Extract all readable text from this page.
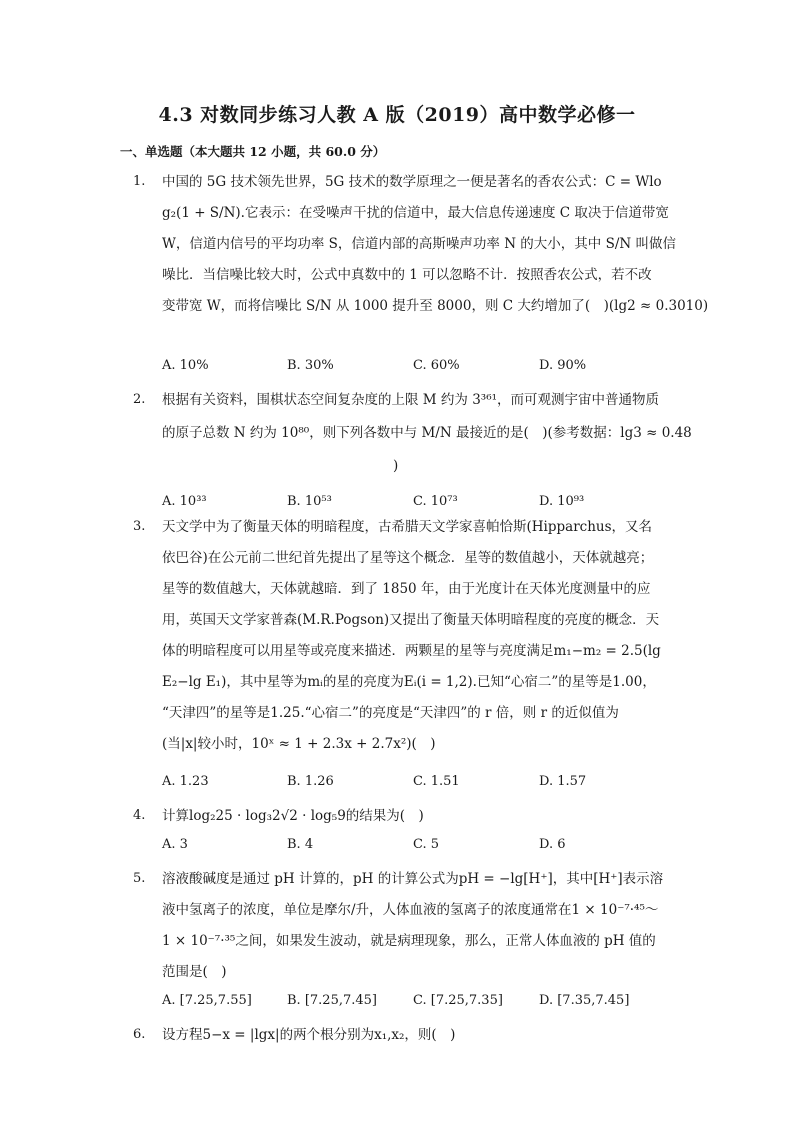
4.3 对数同步练习人教 A 版（2019）高中数学必修一
一、单选题（本大题共 12 小题，共 60.0 分）
1. 中国的 5G 技术领先世界，5G 技术的数学原理之一便是著名的香农公式：C = Wlo
g₂(1 + S/N).它表示：在受噪声干扰的信道中，最大信息传递速度 C 取决于信道带宽
W，信道内信号的平均功率 S，信道内部的高斯噪声功率 N 的大小，其中 S/N 叫做信
噪比．当信噪比较大时，公式中真数中的 1 可以忽略不计．按照香农公式，若不改
变带宽 W，而将信噪比 S/N 从 1000 提升至 8000，则 C 大约增加了(　)(lg2 ≈ 0.3010)
A. 10%	B. 30%	C. 60%	D. 90%
2. 根据有关资料，围棋状态空间复杂度的上限 M 约为 3³⁶¹，而可观测宇宙中普通物质
的原子总数 N 约为 10⁸⁰，则下列各数中与 M/N 最接近的是(　)(参考数据：lg3 ≈ 0.48
)
A. 10³³	B. 10⁵³	C. 10⁷³	D. 10⁹³
3. 天文学中为了衡量天体的明暗程度，古希腊天文学家喜帕恰斯(Hipparchus，又名
依巴谷)在公元前二世纪首先提出了星等这个概念．星等的数值越小，天体就越亮；
星等的数值越大，天体就越暗．到了 1850 年，由于光度计在天体光度测量中的应
用，英国天文学家普森(M.R.Pogson)又提出了衡量天体明暗程度的亮度的概念．天
体的明暗程度可以用星等或亮度来描述．两颗星的星等与亮度满足m₁−m₂ = 2.5(lg
E₂−lg E₁)，其中星等为mᵢ的星的亮度为Eᵢ(i = 1,2).已知“心宿二”的星等是1.00，
“天津四”的星等是1.25.“心宿二”的亮度是“天津四”的 r 倍，则 r 的近似值为
(当|x|较小时，10ˣ ≈ 1 + 2.3x + 2.7x²)(　)
A. 1.23	B. 1.26	C. 1.51	D. 1.57
4. 计算log₂25 · log₃2√2 · log₅9的结果为(　)
A. 3	B. 4	C. 5	D. 6
5. 溶液酸碱度是通过 pH 计算的，pH 的计算公式为pH = −lg[H⁺]，其中[H⁺]表示溶
液中氢离子的浓度，单位是摩尔/升，人体血液的氢离子的浓度通常在1 × 10⁻⁷·⁴⁵～
1 × 10⁻⁷·³⁵之间，如果发生波动，就是病理现象，那么，正常人体血液的 pH 值的
范围是(　)
A. [7.25,7.55]	B. [7.25,7.45]	C. [7.25,7.35]	D. [7.35,7.45]
6. 设方程5−x = |lgx|的两个根分别为x₁,x₂，则(　)
